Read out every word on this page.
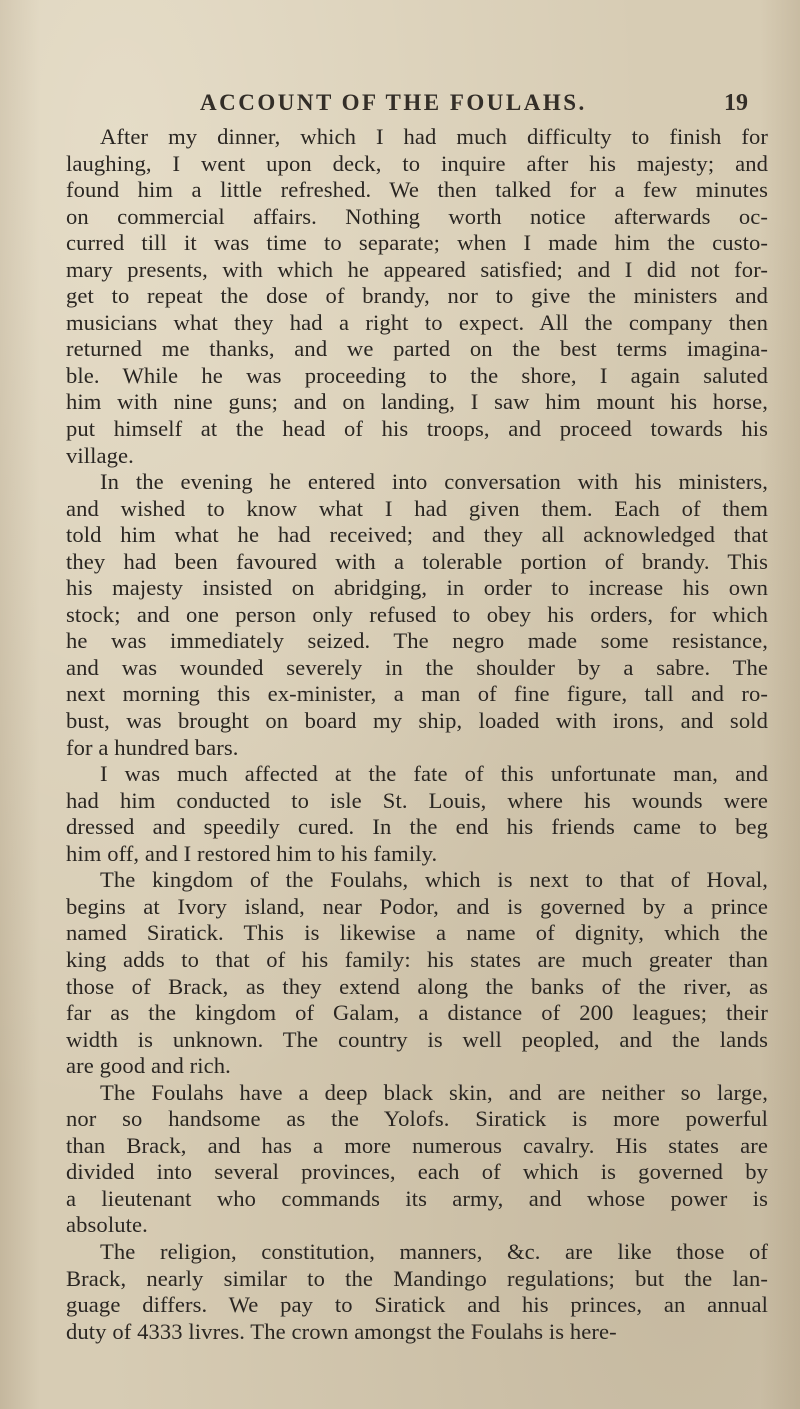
ACCOUNT OF THE FOULAHS.	19

After my dinner, which I had much difficulty to finish for
laughing, I went upon deck, to inquire after his majesty; and
found him a little refreshed. We then talked for a few minutes
on commercial affairs. Nothing worth notice afterwards oc-
curred till it was time to separate; when I made him the custo-
mary presents, with which he appeared satisfied; and I did not for-
get to repeat the dose of brandy, nor to give the ministers and
musicians what they had a right to expect. All the company then
returned me thanks, and we parted on the best terms imagina-
ble. While he was proceeding to the shore, I again saluted
him with nine guns; and on landing, I saw him mount his horse,
put himself at the head of his troops, and proceed towards his
village.

In the evening he entered into conversation with his ministers,
and wished to know what I had given them. Each of them
told him what he had received; and they all acknowledged that
they had been favoured with a tolerable portion of brandy. This
his majesty insisted on abridging, in order to increase his own
stock; and one person only refused to obey his orders, for which
he was immediately seized. The negro made some resistance,
and was wounded severely in the shoulder by a sabre. The
next morning this ex-minister, a man of fine figure, tall and ro-
bust, was brought on board my ship, loaded with irons, and sold
for a hundred bars.

I was much affected at the fate of this unfortunate man, and
had him conducted to isle St. Louis, where his wounds were
dressed and speedily cured. In the end his friends came to beg
him off, and I restored him to his family.

The kingdom of the Foulahs, which is next to that of Hoval,
begins at Ivory island, near Podor, and is governed by a prince
named Siratick. This is likewise a name of dignity, which the
king adds to that of his family: his states are much greater than
those of Brack, as they extend along the banks of the river, as
far as the kingdom of Galam, a distance of 200 leagues; their
width is unknown. The country is well peopled, and the lands
are good and rich.

The Foulahs have a deep black skin, and are neither so large,
nor so handsome as the Yolofs. Siratick is more powerful
than Brack, and has a more numerous cavalry. His states are
divided into several provinces, each of which is governed by
a lieutenant who commands its army, and whose power is
absolute.

The religion, constitution, manners, &c. are like those of
Brack, nearly similar to the Mandingo regulations; but the lan-
guage differs. We pay to Siratick and his princes, an annual
duty of 4333 livres. The crown amongst the Foulahs is here-
